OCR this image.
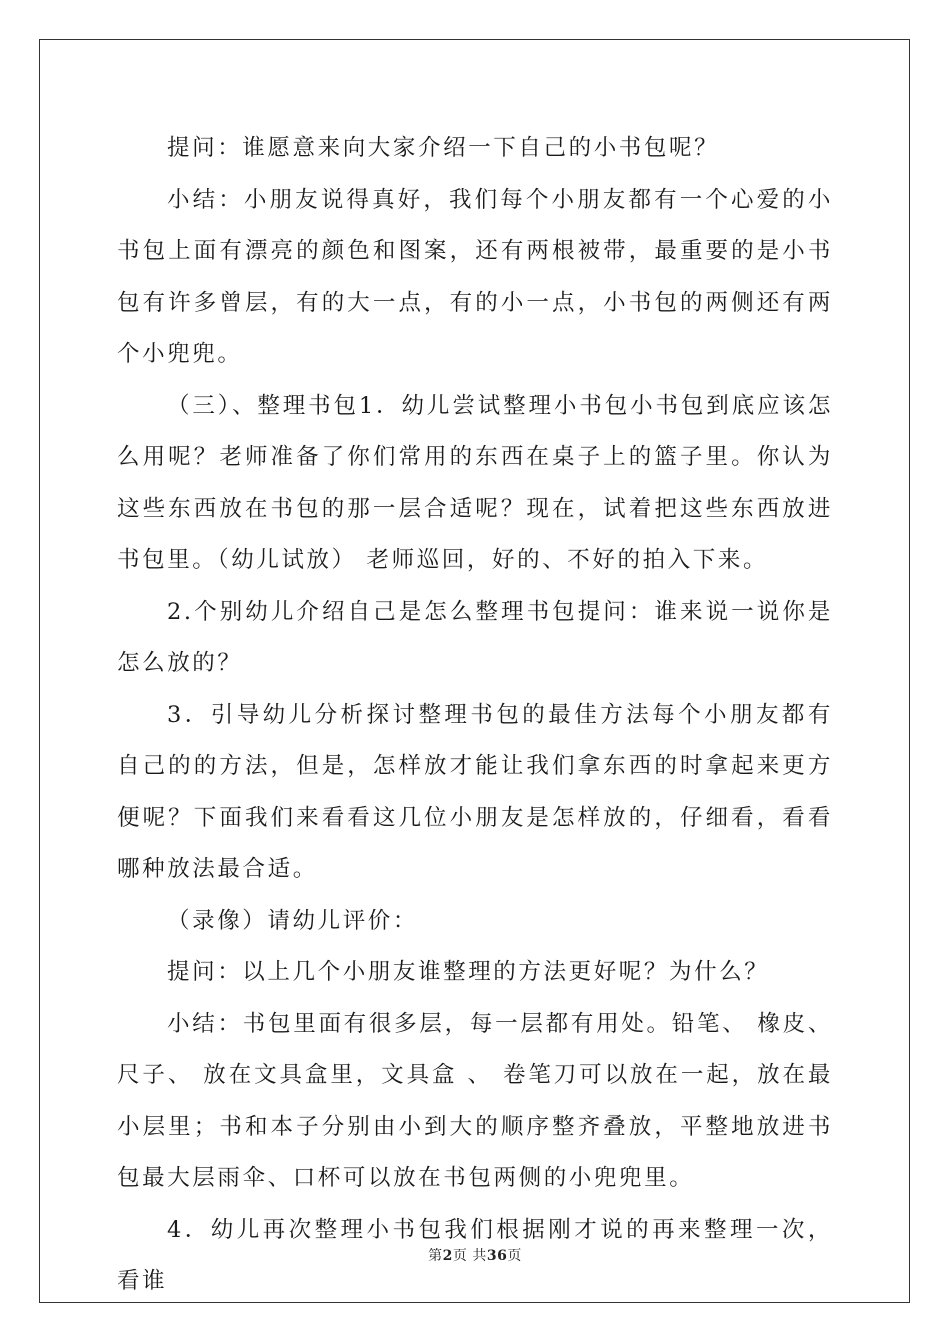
提问：谁愿意来向大家介绍一下自己的小书包呢？

小结：小朋友说得真好，我们每个小朋友都有一个心爱的小书包上面有漂亮的颜色和图案，还有两根被带，最重要的是小书包有许多曾层，有的大一点，有的小一点，小书包的两侧还有两个小兜兜。

（三）、整理书包1．幼儿尝试整理小书包小书包到底应该怎么用呢？老师准备了你们常用的东西在桌子上的篮子里。你认为这些东西放在书包的那一层合适呢？现在，试着把这些东西放进书包里。（幼儿试放） 老师巡回，好的、不好的拍入下来。

2.个别幼儿介绍自己是怎么整理书包提问：谁来说一说你是怎么放的？

3．引导幼儿分析探讨整理书包的最佳方法每个小朋友都有自己的的方法，但是，怎样放才能让我们拿东西的时拿起来更方便呢？下面我们来看看这几位小朋友是怎样放的，仔细看，看看哪种放法最合适。

（录像）请幼儿评价：

提问：以上几个小朋友谁整理的方法更好呢？为什么？

小结：书包里面有很多层，每一层都有用处。铅笔、 橡皮、 尺子、 放在文具盒里，文具盒 、 卷笔刀可以放在一起，放在最小层里；书和本子分别由小到大的顺序整齐叠放，平整地放进书包最大层雨伞、口杯可以放在书包两侧的小兜兜里。

4．幼儿再次整理小书包我们根据刚才说的再来整理一次，看谁

第2页 共36页
